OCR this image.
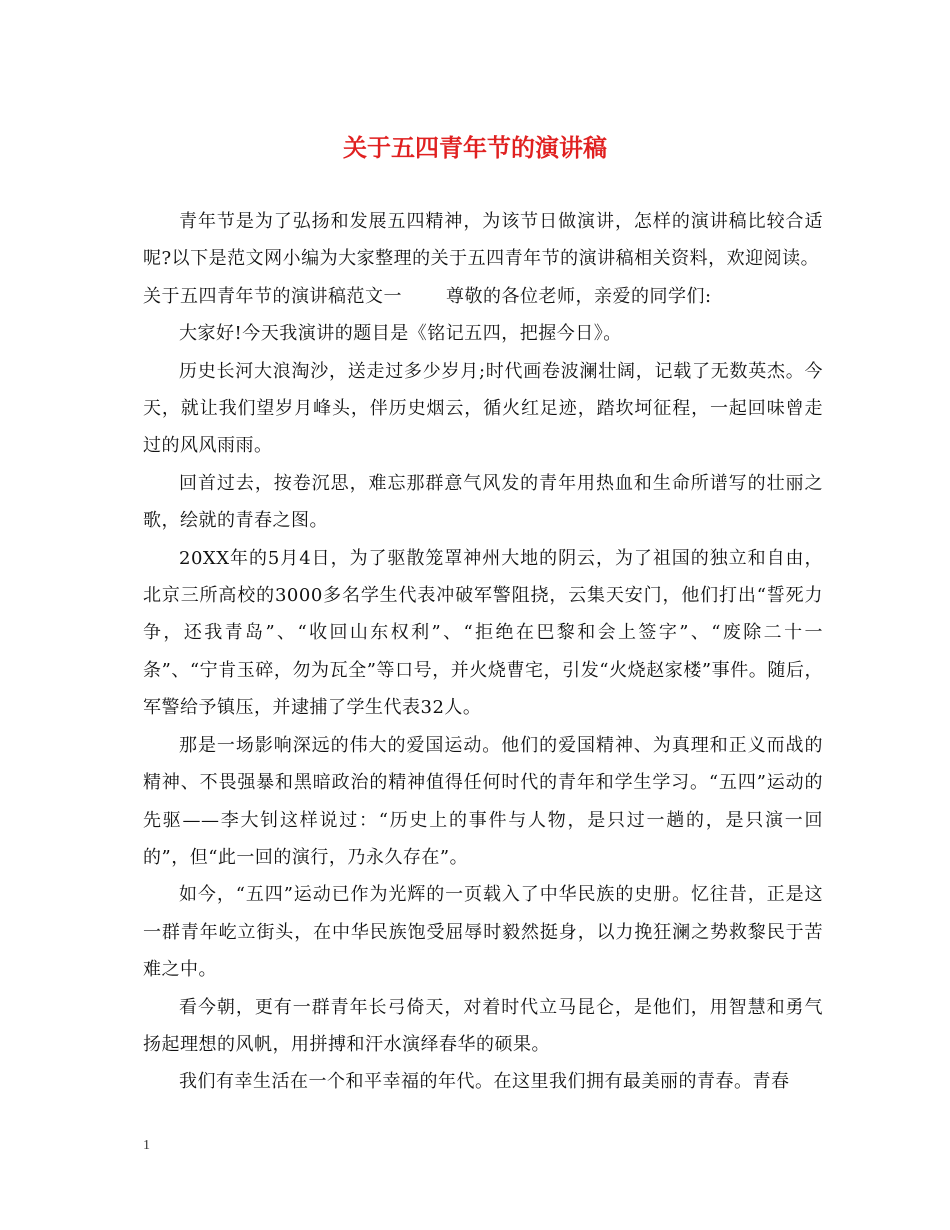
关于五四青年节的演讲稿

青年节是为了弘扬和发展五四精神，为该节日做演讲，怎样的演讲稿比较合适呢?以下是范文网小编为大家整理的关于五四青年节的演讲稿相关资料，欢迎阅读。

关于五四青年节的演讲稿范文一 尊敬的各位老师，亲爱的同学们:

大家好!今天我演讲的题目是《铭记五四，把握今日》。

历史长河大浪淘沙，送走过多少岁月;时代画卷波澜壮阔，记载了无数英杰。今天，就让我们望岁月峰头，伴历史烟云，循火红足迹，踏坎坷征程，一起回味曾走过的风风雨雨。

回首过去，按卷沉思，难忘那群意气风发的青年用热血和生命所谱写的壮丽之歌，绘就的青春之图。

20XX年的5月4日，为了驱散笼罩神州大地的阴云，为了祖国的独立和自由，北京三所高校的3000多名学生代表冲破军警阻挠，云集天安门，他们打出“誓死力争，还我青岛”、“收回山东权利”、“拒绝在巴黎和会上签字”、“废除二十一条”、“宁肯玉碎，勿为瓦全”等口号，并火烧曹宅，引发“火烧赵家楼”事件。随后，军警给予镇压，并逮捕了学生代表32人。

那是一场影响深远的伟大的爱国运动。他们的爱国精神、为真理和正义而战的精神、不畏强暴和黑暗政治的精神值得任何时代的青年和学生学习。“五四”运动的先驱——李大钊这样说过：“历史上的事件与人物，是只过一趟的，是只演一回的”，但“此一回的演行，乃永久存在”。

如今，“五四”运动已作为光辉的一页载入了中华民族的史册。忆往昔，正是这一群青年屹立街头，在中华民族饱受屈辱时毅然挺身，以力挽狂澜之势救黎民于苦难之中。

看今朝，更有一群青年长弓倚天，对着时代立马昆仑，是他们，用智慧和勇气扬起理想的风帆，用拼搏和汗水演绎春华的硕果。

我们有幸生活在一个和平幸福的年代。在这里我们拥有最美丽的青春。青春

1
